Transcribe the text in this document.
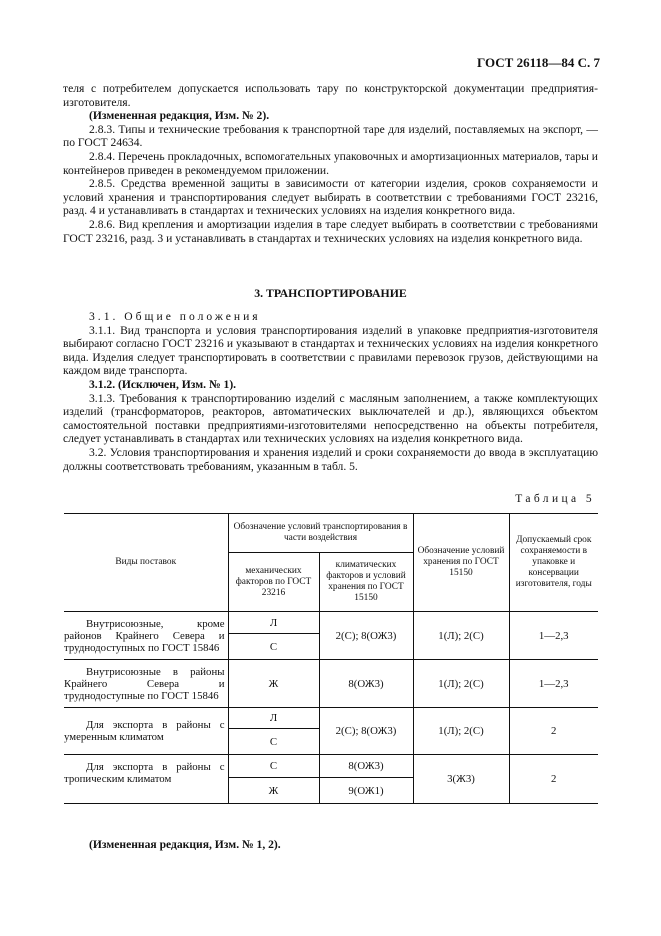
ГОСТ 26118—84 С. 7

теля с потребителем допускается использовать тару по конструкторской документации предприятия-изготовителя.

(Измененная редакция, Изм. № 2).

2.8.3. Типы и технические требования к транспортной таре для изделий, поставляемых на экспорт, — по ГОСТ 24634.

2.8.4. Перечень прокладочных, вспомогательных упаковочных и амортизационных материалов, тары и контейнеров приведен в рекомендуемом приложении.

2.8.5. Средства временной защиты в зависимости от категории изделия, сроков сохраняемости и условий хранения и транспортирования следует выбирать в соответствии с требованиями ГОСТ 23216, разд. 4 и устанавливать в стандартах и технических условиях на изделия конкретного вида.

2.8.6. Вид крепления и амортизации изделия в таре следует выбирать в соответствии с требованиями ГОСТ 23216, разд. 3 и устанавливать в стандартах и технических условиях на изделия конкретного вида.

3. ТРАНСПОРТИРОВАНИЕ

3.1. Общие положения

3.1.1. Вид транспорта и условия транспортирования изделий в упаковке предприятия-изготовителя выбирают согласно ГОСТ 23216 и указывают в стандартах и технических условиях на изделия конкретного вида. Изделия следует транспортировать в соответствии с правилами перевозок грузов, действующими на каждом виде транспорта.

3.1.2. (Исключен, Изм. № 1).

3.1.3. Требования к транспортированию изделий с масляным заполнением, а также комплектующих изделий (трансформаторов, реакторов, автоматических выключателей и др.), являющихся объектом самостоятельной поставки предприятиями-изготовителями непосредственно на объекты потребителя, следует устанавливать в стандартах или технических условиях на изделия конкретного вида.

3.2. Условия транспортирования и хранения изделий и сроки сохраняемости до ввода в эксплуатацию должны соответствовать требованиям, указанным в табл. 5.

Таблица 5
Виды поставок	Обозначение условий транспортирования в части воздействия		Обозначение условий хранения по ГОСТ 15150	Допускаемый срок сохраняемости в упаковке и консервации изготовителя, годы
	механических факторов по ГОСТ 23216	климатических факторов и условий хранения по ГОСТ 15150		

Внутрисоюзные, кроме районов Крайнего Севера и труднодоступных по ГОСТ 15846	Л	2(С); 8(ОЖ3)	1(Л); 2(С)	1—2,3
	С			

Внутрисоюзные в районы Крайнего Севера и труднодоступные по ГОСТ 15846	Ж	8(ОЖ3)	1(Л); 2(С)	1—2,3

Для экспорта в районы с умеренным климатом	Л	2(С); 8(ОЖ3)	1(Л); 2(С)	2
	С			

Для экспорта в районы с тропическим климатом	С	8(ОЖ3)	3(Ж3)	2
	Ж	9(ОЖ1)		
(Измененная редакция, Изм. № 1, 2).
